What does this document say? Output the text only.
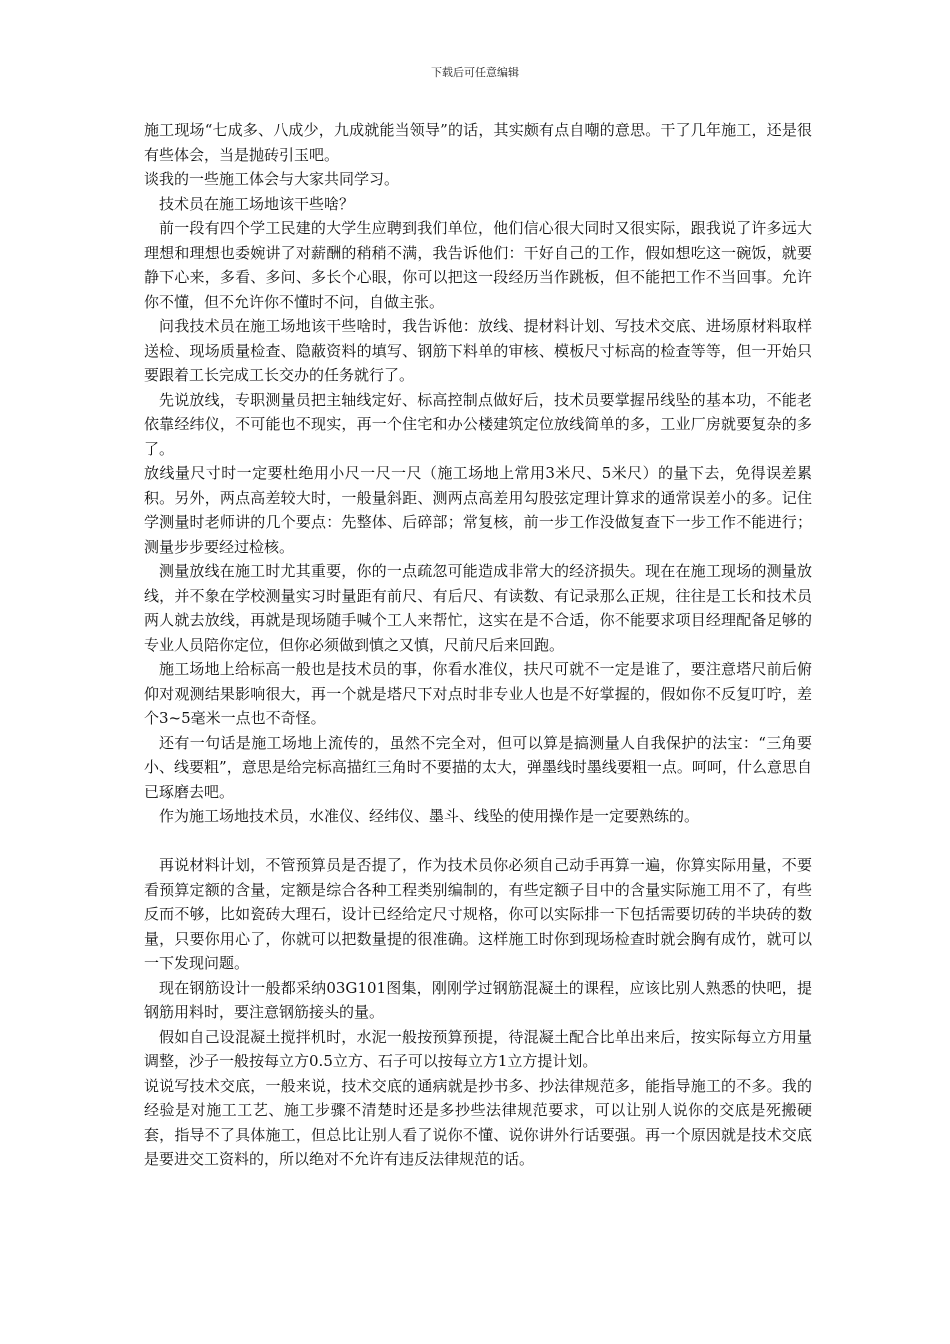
下载后可任意编辑

施工现场“七成多、八成少，九成就能当领导”的话，其实颇有点自嘲的意思。干了几年施工，还是很有些体会，当是抛砖引玉吧。

谈我的一些施工体会与大家共同学习。

技术员在施工场地该干些啥？

前一段有四个学工民建的大学生应聘到我们单位，他们信心很大同时又很实际，跟我说了许多远大理想和理想也委婉讲了对薪酬的稍稍不满，我告诉他们：干好自己的工作，假如想吃这一碗饭，就要静下心来，多看、多问、多长个心眼，你可以把这一段经历当作跳板，但不能把工作不当回事。允许你不懂，但不允许你不懂时不问，自做主张。

问我技术员在施工场地该干些啥时，我告诉他：放线、提材料计划、写技术交底、进场原材料取样送检、现场质量检查、隐蔽资料的填写、钢筋下料单的审核、模板尺寸标高的检查等等，但一开始只要跟着工长完成工长交办的任务就行了。

先说放线，专职测量员把主轴线定好、标高控制点做好后，技术员要掌握吊线坠的基本功，不能老依靠经纬仪，不可能也不现实，再一个住宅和办公楼建筑定位放线简单的多，工业厂房就要复杂的多了。

放线量尺寸时一定要杜绝用小尺一尺一尺（施工场地上常用3米尺、5米尺）的量下去，免得误差累积。另外，两点高差较大时，一般量斜距、测两点高差用勾股弦定理计算求的通常误差小的多。记住学测量时老师讲的几个要点：先整体、后碎部；常复核，前一步工作没做复查下一步工作不能进行；测量步步要经过检核。

测量放线在施工时尤其重要，你的一点疏忽可能造成非常大的经济损失。现在在施工现场的测量放线，并不象在学校测量实习时量距有前尺、有后尺、有读数、有记录那么正规，往往是工长和技术员两人就去放线，再就是现场随手喊个工人来帮忙，这实在是不合适，你不能要求项目经理配备足够的专业人员陪你定位，但你必须做到慎之又慎，尺前尺后来回跑。

施工场地上给标高一般也是技术员的事，你看水准仪，扶尺可就不一定是谁了，要注意塔尺前后俯仰对观测结果影响很大，再一个就是塔尺下对点时非专业人也是不好掌握的，假如你不反复叮咛，差个3~5毫米一点也不奇怪。

还有一句话是施工场地上流传的，虽然不完全对，但可以算是搞测量人自我保护的法宝：“三角要小、线要粗”，意思是给完标高描红三角时不要描的太大，弹墨线时墨线要粗一点。呵呵，什么意思自已琢磨去吧。

作为施工场地技术员，水准仪、经纬仪、墨斗、线坠的使用操作是一定要熟练的。

再说材料计划，不管预算员是否提了，作为技术员你必须自己动手再算一遍，你算实际用量，不要看预算定额的含量，定额是综合各种工程类别编制的，有些定额子目中的含量实际施工用不了，有些反而不够，比如瓷砖大理石，设计已经给定尺寸规格，你可以实际排一下包括需要切砖的半块砖的数量，只要你用心了，你就可以把数量提的很准确。这样施工时你到现场检查时就会胸有成竹，就可以一下发现问题。

现在钢筋设计一般都采纳03G101图集，刚刚学过钢筋混凝土的课程，应该比别人熟悉的快吧，提钢筋用料时，要注意钢筋接头的量。

假如自己设混凝土搅拌机时，水泥一般按预算预提，待混凝土配合比单出来后，按实际每立方用量调整，沙子一般按每立方0.5立方、石子可以按每立方1立方提计划。

说说写技术交底，一般来说，技术交底的通病就是抄书多、抄法律规范多，能指导施工的不多。我的经验是对施工工艺、施工步骤不清楚时还是多抄些法律规范要求，可以让别人说你的交底是死搬硬套，指导不了具体施工，但总比让别人看了说你不懂、说你讲外行话要强。再一个原因就是技术交底是要进交工资料的，所以绝对不允许有违反法律规范的话。
